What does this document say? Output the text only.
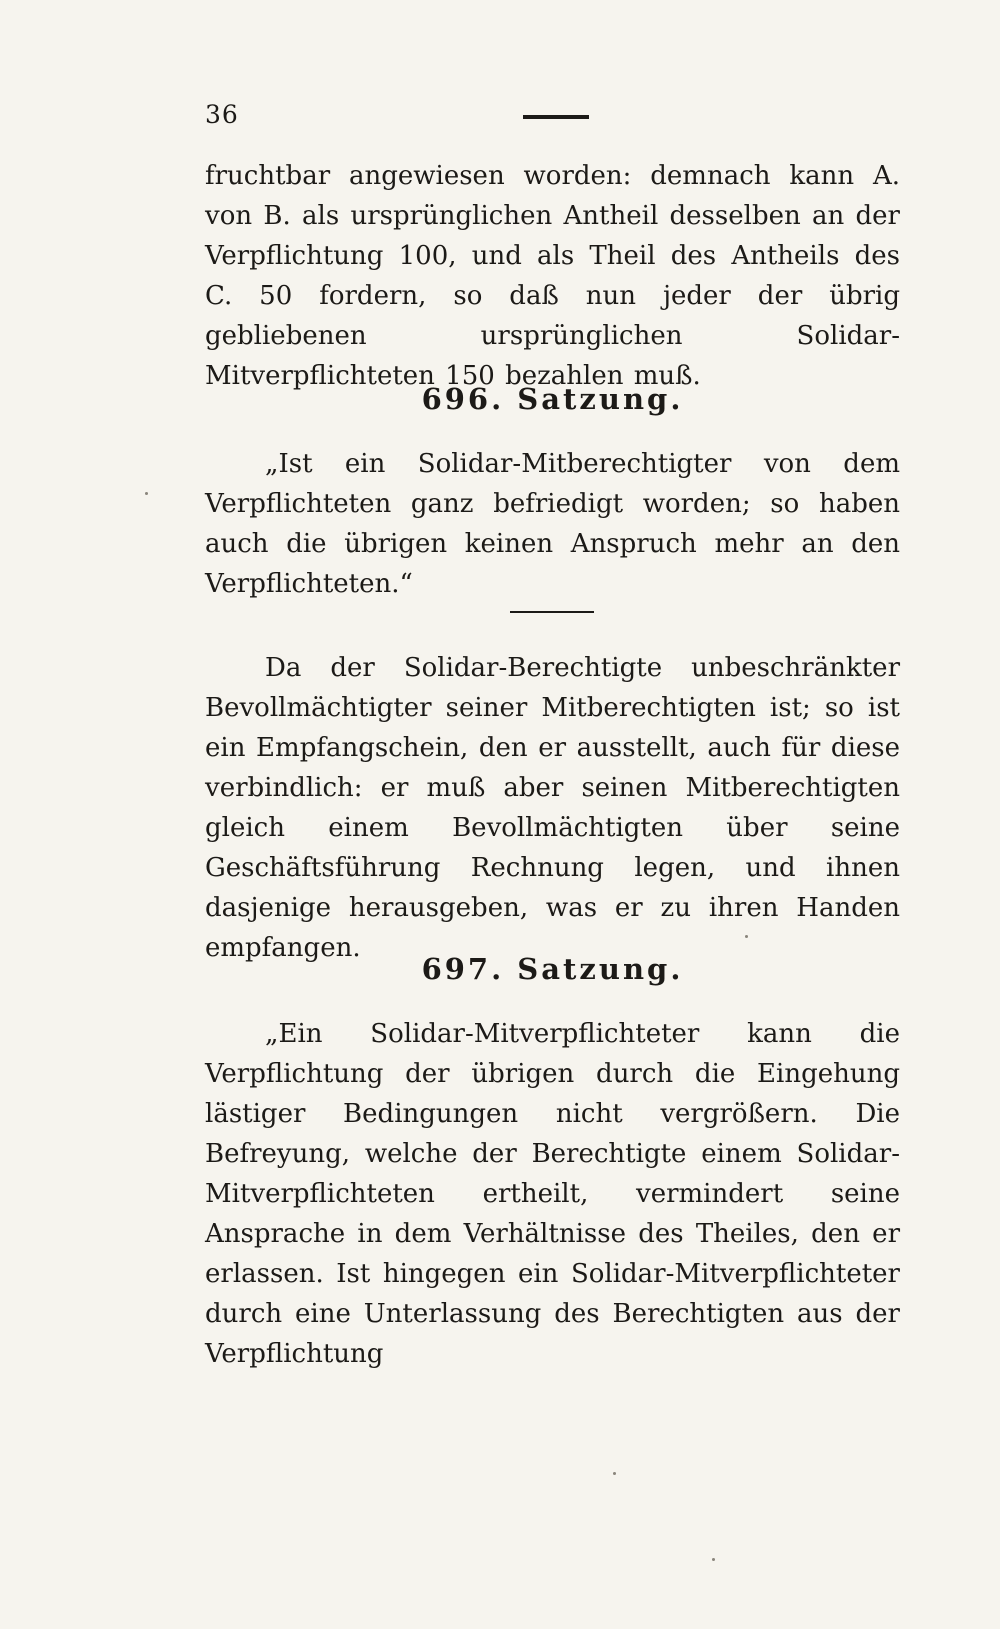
36

fruchtbar angewiesen worden: demnach kann A. von B. als ursprünglichen Antheil desselben an der Verpflichtung 100, und als Theil des Antheils des C. 50 fordern, so daß nun jeder der übrig gebliebenen ursprünglichen Solidar-Mitverpflichteten 150 bezahlen muß.

696. Satzung.

„Ist ein Solidar-Mitberechtigter von dem Verpflichteten ganz befriedigt worden; so haben auch die übrigen keinen Anspruch mehr an den Verpflichteten.“

Da der Solidar-Berechtigte unbeschränkter Bevollmächtigter seiner Mitberechtigten ist; so ist ein Empfangschein, den er ausstellt, auch für diese verbindlich: er muß aber seinen Mitberechtigten gleich einem Bevollmächtigten über seine Geschäftsführung Rechnung legen, und ihnen dasjenige herausgeben, was er zu ihren Handen empfangen.

697. Satzung.

„Ein Solidar-Mitverpflichteter kann die Verpflichtung der übrigen durch die Eingehung lästiger Bedingungen nicht vergrößern. Die Befreyung, welche der Berechtigte einem Solidar-Mitverpflichteten ertheilt, vermindert seine Ansprache in dem Verhältnisse des Theiles, den er erlassen. Ist hingegen ein Solidar-Mitverpflichteter durch eine Unterlassung des Berechtigten aus der Verpflichtung
